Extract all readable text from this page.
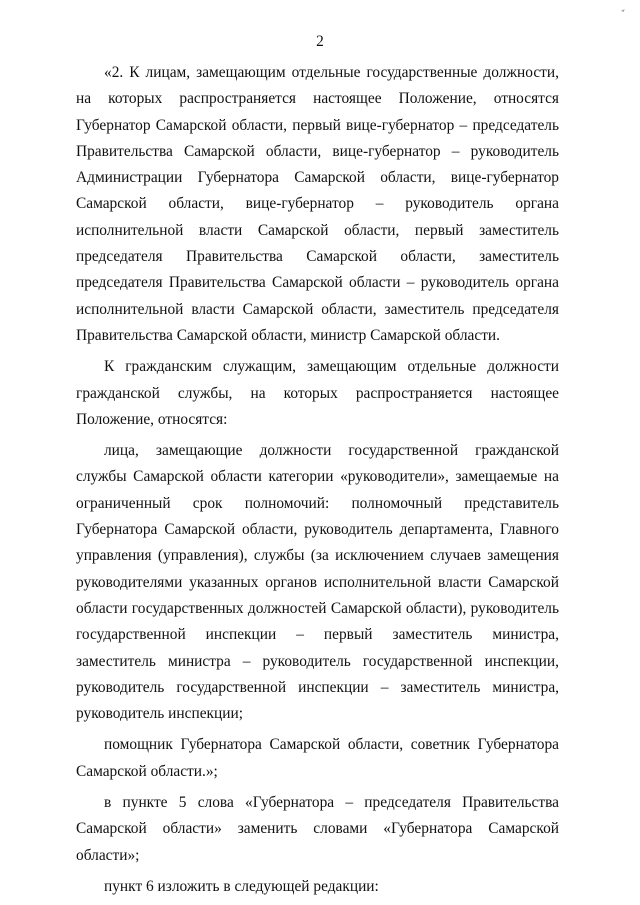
ˇ
2

«2. К лицам, замещающим отдельные государственные должности, на которых распространяется настоящее Положение, относятся Губернатор Самарской области, первый вице-губернатор – председатель Правительства Самарской области, вице-губернатор – руководитель Администрации Губернатора Самарской области, вице-губернатор Самарской области, вице-губернатор – руководитель органа исполнительной власти Самарской области, первый заместитель председателя Правительства Самарской области, заместитель председателя Правительства Самарской области – руководитель органа исполнительной власти Самарской области, заместитель председателя Правительства Самарской области, министр Самарской области.

К гражданским служащим, замещающим отдельные должности гражданской службы, на которых распространяется настоящее Положение, относятся:

лица, замещающие должности государственной гражданской службы Самарской области категории «руководители», замещаемые на ограниченный срок полномочий: полномочный представитель Губернатора Самарской области, руководитель департамента, Главного управления (управления), службы (за исключением случаев замещения руководителями указанных органов исполнительной власти Самарской области государственных должностей Самарской области), руководитель государственной инспекции – первый заместитель министра, заместитель министра – руководитель государственной инспекции, руководитель государственной инспекции – заместитель министра, руководитель инспекции;

помощник Губернатора Самарской области, советник Губернатора Самарской области.»;

в пункте 5 слова «Губернатора – председателя Правительства Самарской области» заменить словами «Губернатора Самарской области»;

пункт 6 изложить в следующей редакции:
